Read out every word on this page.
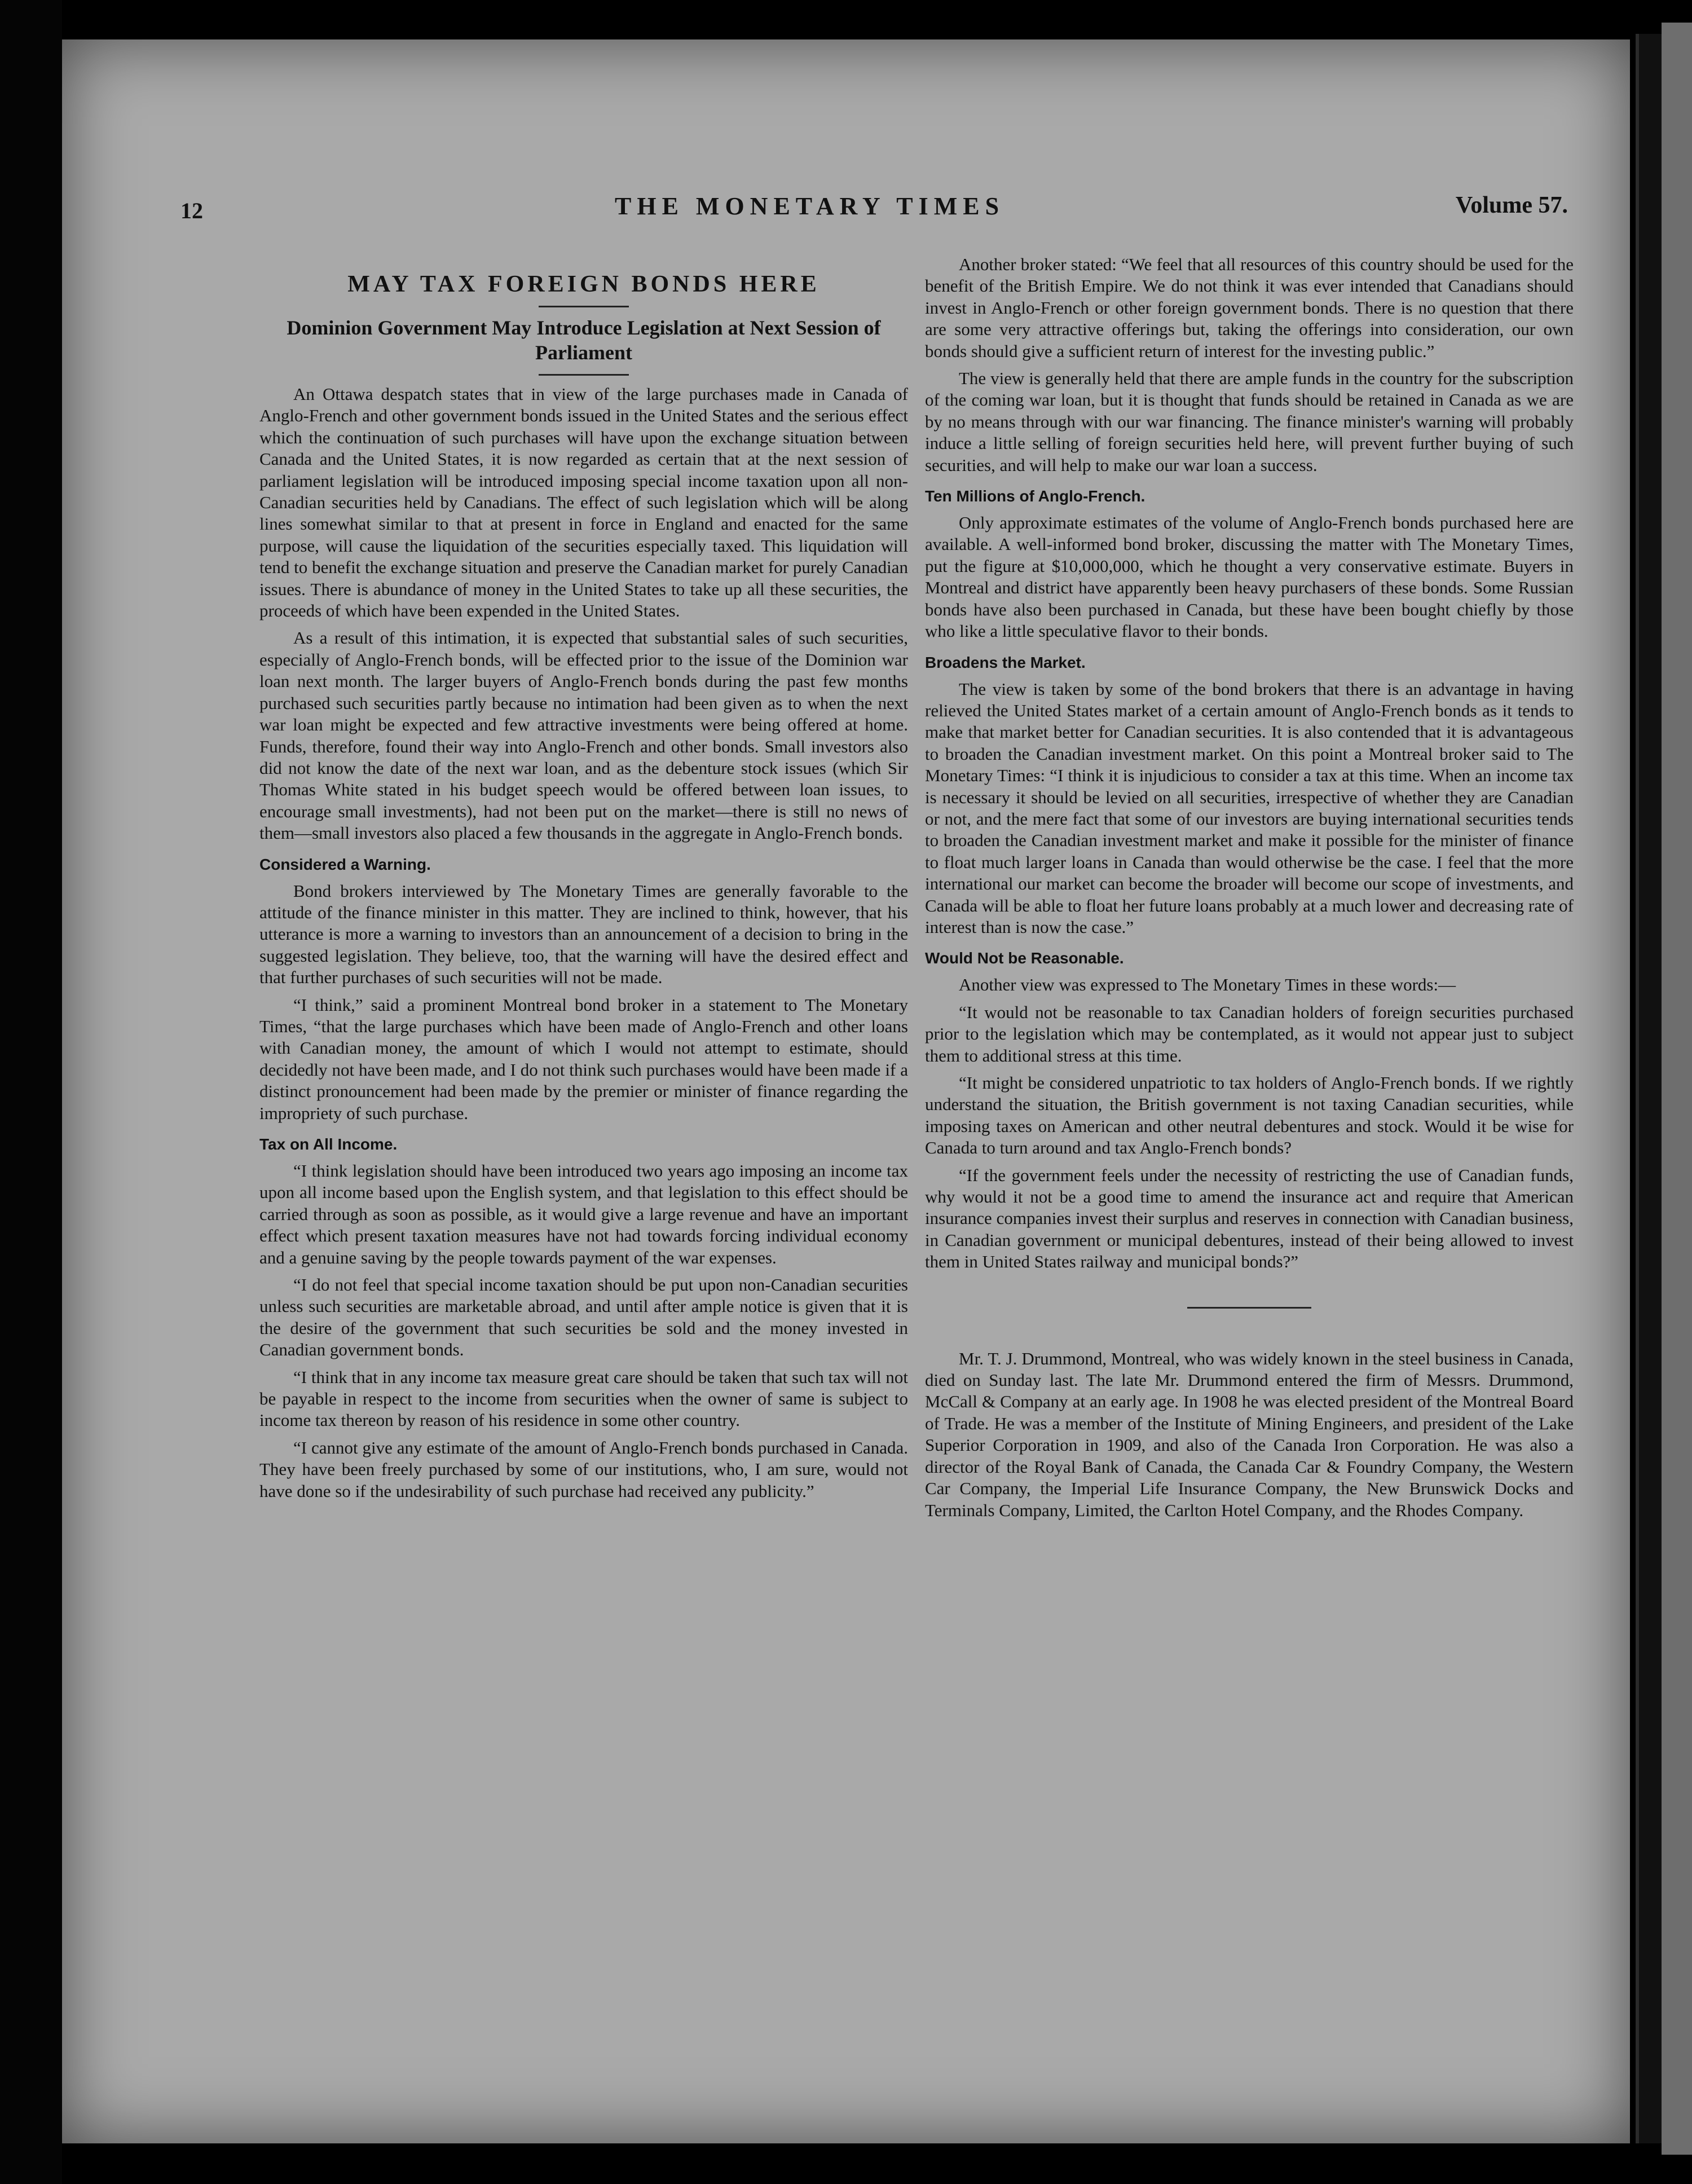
12	THE MONETARY TIMES	Volume 57.
MAY TAX FOREIGN BONDS HERE
Dominion Government May Introduce Legislation at Next Session of Parliament

An Ottawa despatch states that in view of the large purchases made in Canada of Anglo-French and other government bonds issued in the United States and the serious effect which the continuation of such purchases will have upon the exchange situation between Canada and the United States, it is now regarded as certain that at the next session of parliament legislation will be introduced imposing special income taxation upon all non-Canadian securities held by Canadians. The effect of such legislation which will be along lines somewhat similar to that at present in force in England and enacted for the same purpose, will cause the liquidation of the securities especially taxed. This liquidation will tend to benefit the exchange situation and preserve the Canadian market for purely Canadian issues. There is abundance of money in the United States to take up all these securities, the proceeds of which have been expended in the United States.

As a result of this intimation, it is expected that substantial sales of such securities, especially of Anglo-French bonds, will be effected prior to the issue of the Dominion war loan next month. The larger buyers of Anglo-French bonds during the past few months purchased such securities partly because no intimation had been given as to when the next war loan might be expected and few attractive investments were being offered at home. Funds, therefore, found their way into Anglo-French and other bonds. Small investors also did not know the date of the next war loan, and as the debenture stock issues (which Sir Thomas White stated in his budget speech would be offered between loan issues, to encourage small investments), had not been put on the market—there is still no news of them—small investors also placed a few thousands in the aggregate in Anglo-French bonds.

Considered a Warning.

Bond brokers interviewed by The Monetary Times are generally favorable to the attitude of the finance minister in this matter. They are inclined to think, however, that his utterance is more a warning to investors than an announcement of a decision to bring in the suggested legislation. They believe, too, that the warning will have the desired effect and that further purchases of such securities will not be made.

“I think,” said a prominent Montreal bond broker in a statement to The Monetary Times, “that the large purchases which have been made of Anglo-French and other loans with Canadian money, the amount of which I would not attempt to estimate, should decidedly not have been made, and I do not think such purchases would have been made if a distinct pronouncement had been made by the premier or minister of finance regarding the impropriety of such purchase.

Tax on All Income.

“I think legislation should have been introduced two years ago imposing an income tax upon all income based upon the English system, and that legislation to this effect should be carried through as soon as possible, as it would give a large revenue and have an important effect which present taxation measures have not had towards forcing individual economy and a genuine saving by the people towards payment of the war expenses.

“I do not feel that special income taxation should be put upon non-Canadian securities unless such securities are marketable abroad, and until after ample notice is given that it is the desire of the government that such securities be sold and the money invested in Canadian government bonds.

“I think that in any income tax measure great care should be taken that such tax will not be payable in respect to the income from securities when the owner of same is subject to income tax thereon by reason of his residence in some other country.

“I cannot give any estimate of the amount of Anglo-French bonds purchased in Canada. They have been freely purchased by some of our institutions, who, I am sure, would not have done so if the undesirability of such purchase had received any publicity.”

Another broker stated: “We feel that all resources of this country should be used for the benefit of the British Empire. We do not think it was ever intended that Canadians should invest in Anglo-French or other foreign government bonds. There is no question that there are some very attractive offerings but, taking the offerings into consideration, our own bonds should give a sufficient return of interest for the investing public.”

The view is generally held that there are ample funds in the country for the subscription of the coming war loan, but it is thought that funds should be retained in Canada as we are by no means through with our war financing. The finance minister's warning will probably induce a little selling of foreign securities held here, will prevent further buying of such securities, and will help to make our war loan a success.

Ten Millions of Anglo-French.

Only approximate estimates of the volume of Anglo-French bonds purchased here are available. A well-informed bond broker, discussing the matter with The Monetary Times, put the figure at $10,000,000, which he thought a very conservative estimate. Buyers in Montreal and district have apparently been heavy purchasers of these bonds. Some Russian bonds have also been purchased in Canada, but these have been bought chiefly by those who like a little speculative flavor to their bonds.

Broadens the Market.

The view is taken by some of the bond brokers that there is an advantage in having relieved the United States market of a certain amount of Anglo-French bonds as it tends to make that market better for Canadian securities. It is also contended that it is advantageous to broaden the Canadian investment market. On this point a Montreal broker said to The Monetary Times: “I think it is injudicious to consider a tax at this time. When an income tax is necessary it should be levied on all securities, irrespective of whether they are Canadian or not, and the mere fact that some of our investors are buying international securities tends to broaden the Canadian investment market and make it possible for the minister of finance to float much larger loans in Canada than would otherwise be the case. I feel that the more international our market can become the broader will become our scope of investments, and Canada will be able to float her future loans probably at a much lower and decreasing rate of interest than is now the case.”

Would Not be Reasonable.

Another view was expressed to The Monetary Times in these words:—

“It would not be reasonable to tax Canadian holders of foreign securities purchased prior to the legislation which may be contemplated, as it would not appear just to subject them to additional stress at this time.

“It might be considered unpatriotic to tax holders of Anglo-French bonds. If we rightly understand the situation, the British government is not taxing Canadian securities, while imposing taxes on American and other neutral debentures and stock. Would it be wise for Canada to turn around and tax Anglo-French bonds?

“If the government feels under the necessity of restricting the use of Canadian funds, why would it not be a good time to amend the insurance act and require that American insurance companies invest their surplus and reserves in connection with Canadian business, in Canadian government or municipal debentures, instead of their being allowed to invest them in United States railway and municipal bonds?”

Mr. T. J. Drummond, Montreal, who was widely known in the steel business in Canada, died on Sunday last. The late Mr. Drummond entered the firm of Messrs. Drummond, McCall & Company at an early age. In 1908 he was elected president of the Montreal Board of Trade. He was a member of the Institute of Mining Engineers, and president of the Lake Superior Corporation in 1909, and also of the Canada Iron Corporation. He was also a director of the Royal Bank of Canada, the Canada Car & Foundry Company, the Western Car Company, the Imperial Life Insurance Company, the New Brunswick Docks and Terminals Company, Limited, the Carlton Hotel Company, and the Rhodes Company.
